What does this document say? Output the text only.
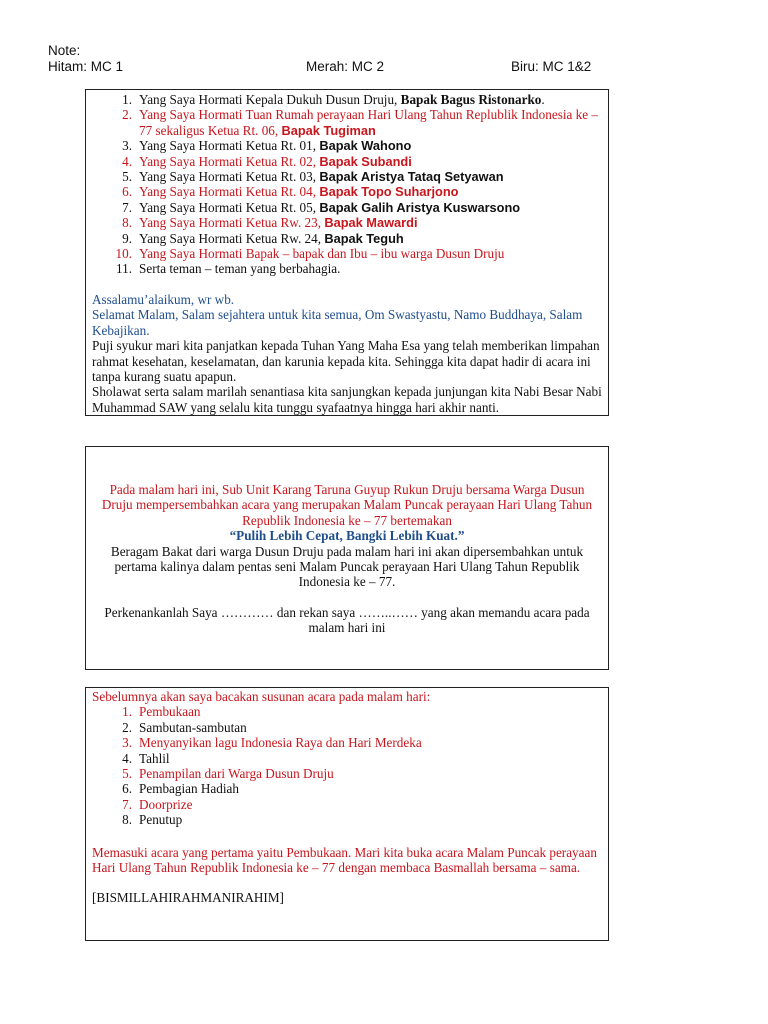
Note:
Hitam: MC 1	Merah: MC 2	Biru: MC 1&2
1. Yang Saya Hormati Kepala Dukuh Dusun Druju, Bapak Bagus Ristonarko.
2. Yang Saya Hormati Tuan Rumah perayaan Hari Ulang Tahun Replublik Indonesia ke – 77 sekaligus Ketua Rt. 06, Bapak Tugiman
3. Yang Saya Hormati Ketua Rt. 01, Bapak Wahono
4. Yang Saya Hormati Ketua Rt. 02, Bapak Subandi
5. Yang Saya Hormati Ketua Rt. 03, Bapak Aristya Tataq Setyawan
6. Yang Saya Hormati Ketua Rt. 04, Bapak Topo Suharjono
7. Yang Saya Hormati Ketua Rt. 05, Bapak Galih Aristya Kuswarsono
8. Yang Saya Hormati Ketua Rw. 23, Bapak Mawardi
9. Yang Saya Hormati Ketua Rw. 24, Bapak Teguh
10. Yang Saya Hormati Bapak – bapak dan Ibu – ibu warga Dusun Druju
11. Serta teman – teman yang berbahagia.

Assalamu’alaikum, wr wb.

Selamat Malam, Salam sejahtera untuk kita semua, Om Swastyastu, Namo Buddhaya, Salam Kebajikan.

Puji syukur mari kita panjatkan kepada Tuhan Yang Maha Esa yang telah memberikan limpahan rahmat kesehatan, keselamatan, dan karunia kepada kita. Sehingga kita dapat hadir di acara ini tanpa kurang suatu apapun.

Sholawat serta salam marilah senantiasa kita sanjungkan kepada junjungan kita Nabi Besar Nabi Muhammad SAW yang selalu kita tunggu syafaatnya hingga hari akhir nanti.

Pada malam hari ini, Sub Unit Karang Taruna Guyup Rukun Druju bersama Warga Dusun Druju mempersembahkan acara yang merupakan Malam Puncak perayaan Hari Ulang Tahun Republik Indonesia ke – 77 bertemakan

“Pulih Lebih Cepat, Bangki Lebih Kuat.”

Beragam Bakat dari warga Dusun Druju pada malam hari ini akan dipersembahkan untuk pertama kalinya dalam pentas seni Malam Puncak perayaan Hari Ulang Tahun Republik Indonesia ke – 77.

Perkenankanlah Saya ………… dan rekan saya ……..…… yang akan memandu acara pada malam hari ini

Sebelumnya akan saya bacakan susunan acara pada malam hari:

1. Pembukaan
2. Sambutan-sambutan
3. Menyanyikan lagu Indonesia Raya dan Hari Merdeka
4. Tahlil
5. Penampilan dari Warga Dusun Druju
6. Pembagian Hadiah
7. Doorprize
8. Penutup

Memasuki acara yang pertama yaitu Pembukaan. Mari kita buka acara Malam Puncak perayaan Hari Ulang Tahun Republik Indonesia ke – 77 dengan membaca Basmallah bersama – sama.

[BISMILLAHIRAHMANIRAHIM]
